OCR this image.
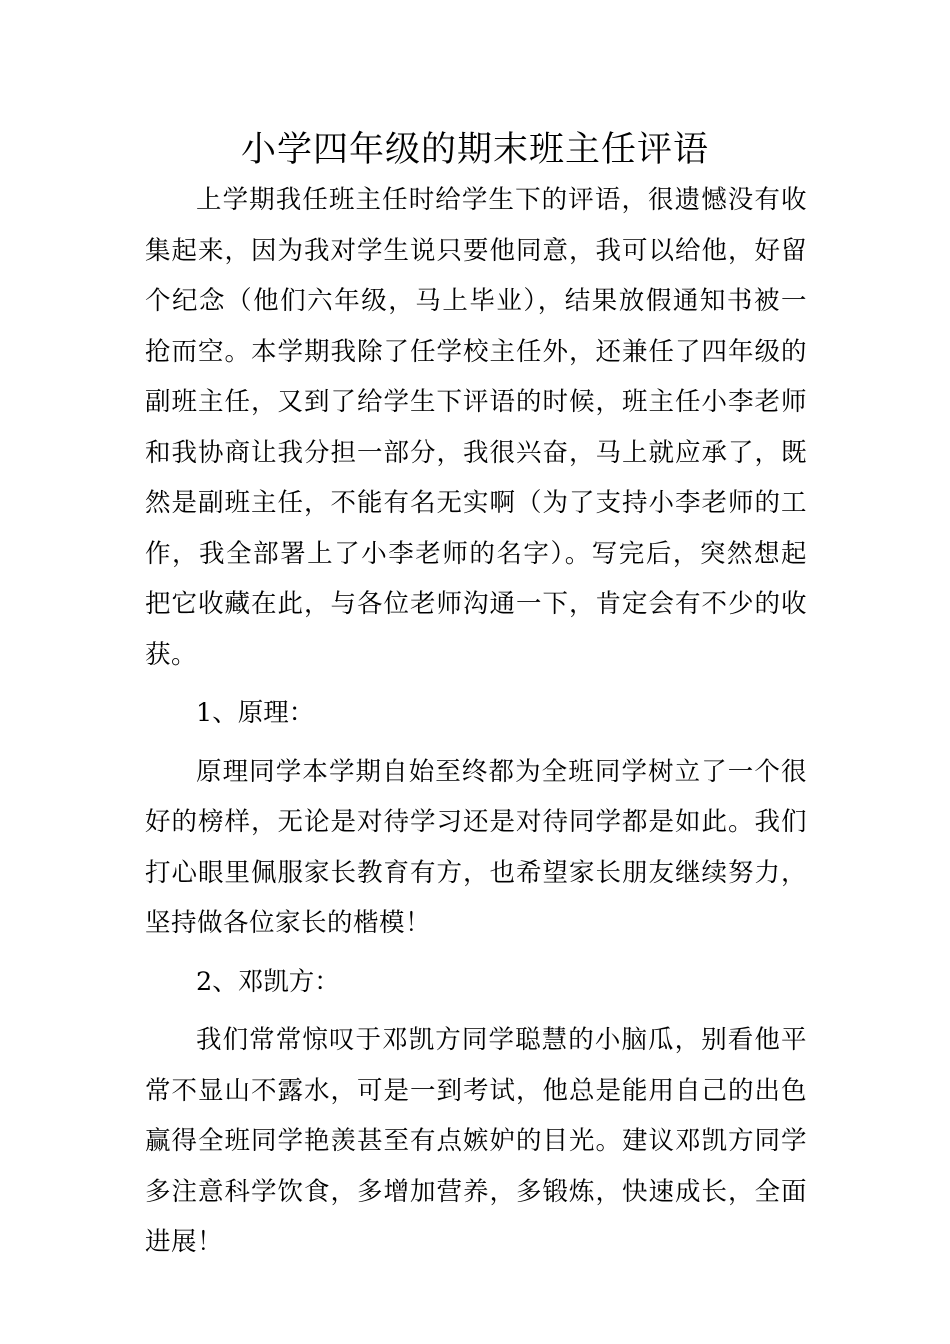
小学四年级的期末班主任评语

上学期我任班主任时给学生下的评语，很遗憾没有收集起来，因为我对学生说只要他同意，我可以给他，好留个纪念（他们六年级，马上毕业），结果放假通知书被一抢而空。本学期我除了任学校主任外，还兼任了四年级的副班主任，又到了给学生下评语的时候，班主任小李老师和我协商让我分担一部分，我很兴奋，马上就应承了，既然是副班主任，不能有名无实啊（为了支持小李老师的工作，我全部署上了小李老师的名字）。写完后，突然想起把它收藏在此，与各位老师沟通一下，肯定会有不少的收获。

1、原理：

原理同学本学期自始至终都为全班同学树立了一个很好的榜样，无论是对待学习还是对待同学都是如此。我们打心眼里佩服家长教育有方，也希望家长朋友继续努力，坚持做各位家长的楷模！

2、邓凯方：

我们常常惊叹于邓凯方同学聪慧的小脑瓜，别看他平常不显山不露水，可是一到考试，他总是能用自己的出色赢得全班同学艳羡甚至有点嫉妒的目光。建议邓凯方同学多注意科学饮食，多增加营养，多锻炼，快速成长，全面进展！
